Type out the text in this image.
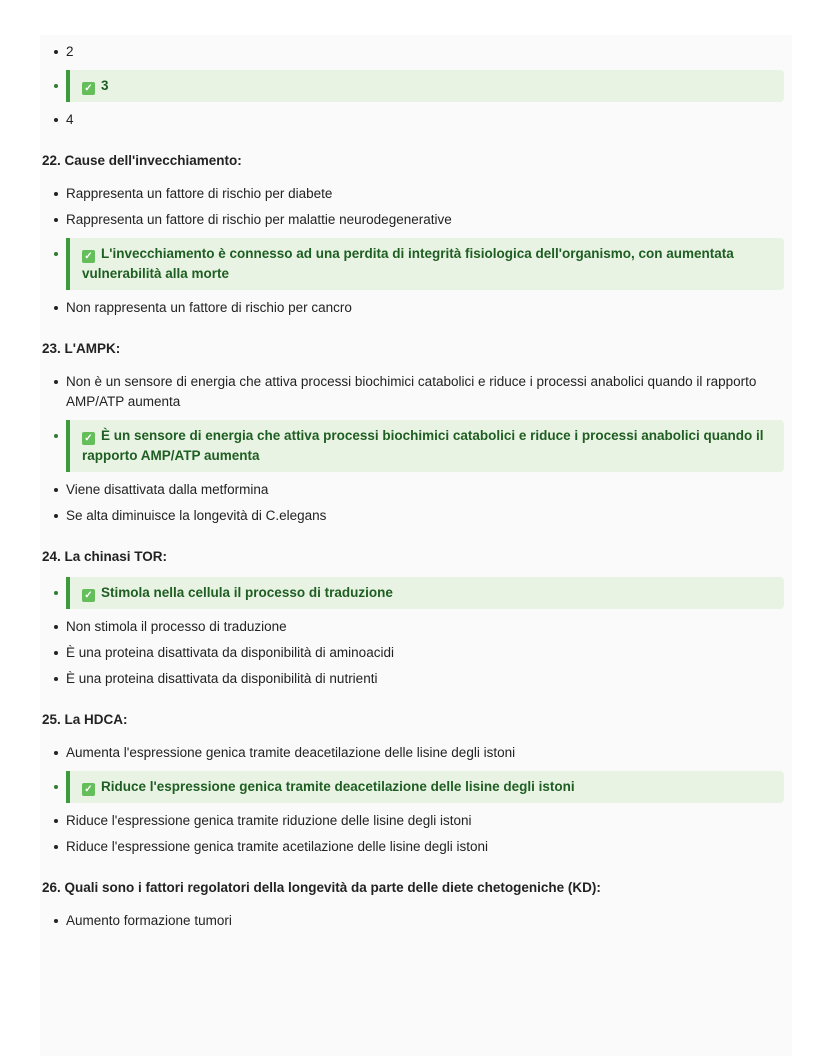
2
✓ 3
4
22. Cause dell'invecchiamento:
Rappresenta un fattore di rischio per diabete
Rappresenta un fattore di rischio per malattie neurodegenerative
✓ L'invecchiamento è connesso ad una perdita di integrità fisiologica dell'organismo, con aumentata vulnerabilità alla morte
Non rappresenta un fattore di rischio per cancro
23. L'AMPK:
Non è un sensore di energia che attiva processi biochimici catabolici e riduce i processi anabolici quando il rapporto AMP/ATP aumenta
✓ È un sensore di energia che attiva processi biochimici catabolici e riduce i processi anabolici quando il rapporto AMP/ATP aumenta
Viene disattivata dalla metformina
Se alta diminuisce la longevità di C.elegans
24. La chinasi TOR:
✓ Stimola nella cellula il processo di traduzione
Non stimola il processo di traduzione
È una proteina disattivata da disponibilità di aminoacidi
È una proteina disattivata da disponibilità di nutrienti
25. La HDCA:
Aumenta l'espressione genica tramite deacetilazione delle lisine degli istoni
✓ Riduce l'espressione genica tramite deacetilazione delle lisine degli istoni
Riduce l'espressione genica tramite riduzione delle lisine degli istoni
Riduce l'espressione genica tramite acetilazione delle lisine degli istoni
26. Quali sono i fattori regolatori della longevità da parte delle diete chetogeniche (KD):
Aumento formazione tumori
